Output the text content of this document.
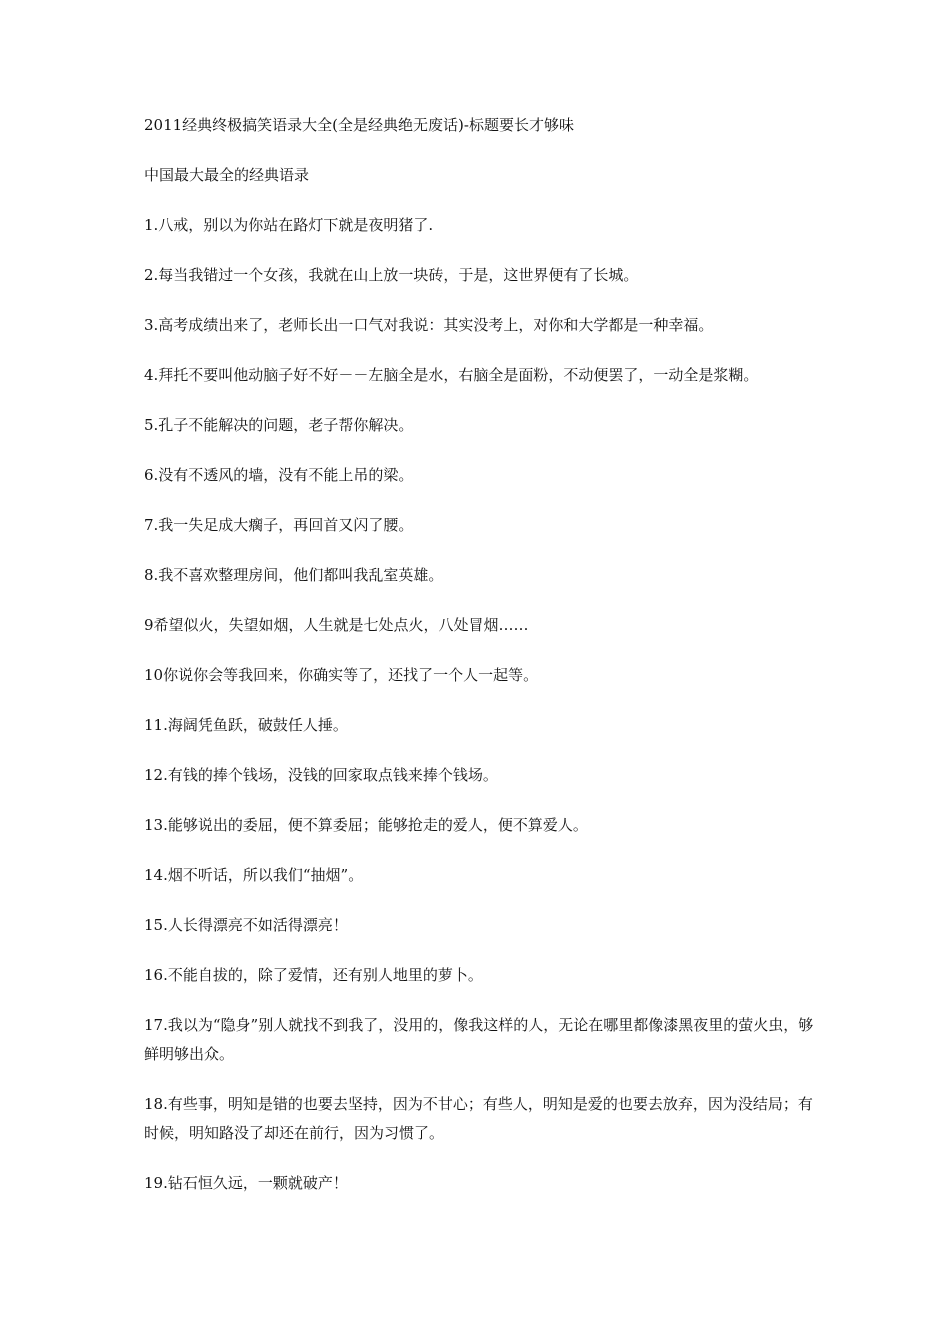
2011经典终极搞笑语录大全(全是经典绝无废话)-标题要长才够味

中国最大最全的经典语录

1.八戒，别以为你站在路灯下就是夜明猪了.

2.每当我错过一个女孩，我就在山上放一块砖，于是，这世界便有了长城。

3.高考成绩出来了，老师长出一口气对我说：其实没考上，对你和大学都是一种幸福。

4.拜托不要叫他动脑子好不好－－左脑全是水，右脑全是面粉，不动便罢了，一动全是浆糊。

5.孔子不能解决的问题，老子帮你解决。

6.没有不透风的墙，没有不能上吊的梁。

7.我一失足成大瘸子，再回首又闪了腰。

8.我不喜欢整理房间，他们都叫我乱室英雄。

9希望似火，失望如烟，人生就是七处点火，八处冒烟……

10你说你会等我回来，你确实等了，还找了一个人一起等。

11.海阔凭鱼跃，破鼓任人捶。

12.有钱的捧个钱场，没钱的回家取点钱来捧个钱场。

13.能够说出的委屈，便不算委屈；能够抢走的爱人，便不算爱人。

14.烟不听话，所以我们“抽烟”。

15.人长得漂亮不如活得漂亮！

16.不能自拔的，除了爱情，还有别人地里的萝卜。

17.我以为“隐身”别人就找不到我了，没用的，像我这样的人，无论在哪里都像漆黑夜里的萤火虫，够鲜明够出众。

18.有些事，明知是错的也要去坚持，因为不甘心；有些人，明知是爱的也要去放弃，因为没结局；有时候，明知路没了却还在前行，因为习惯了。

19.钻石恒久远，一颗就破产！
